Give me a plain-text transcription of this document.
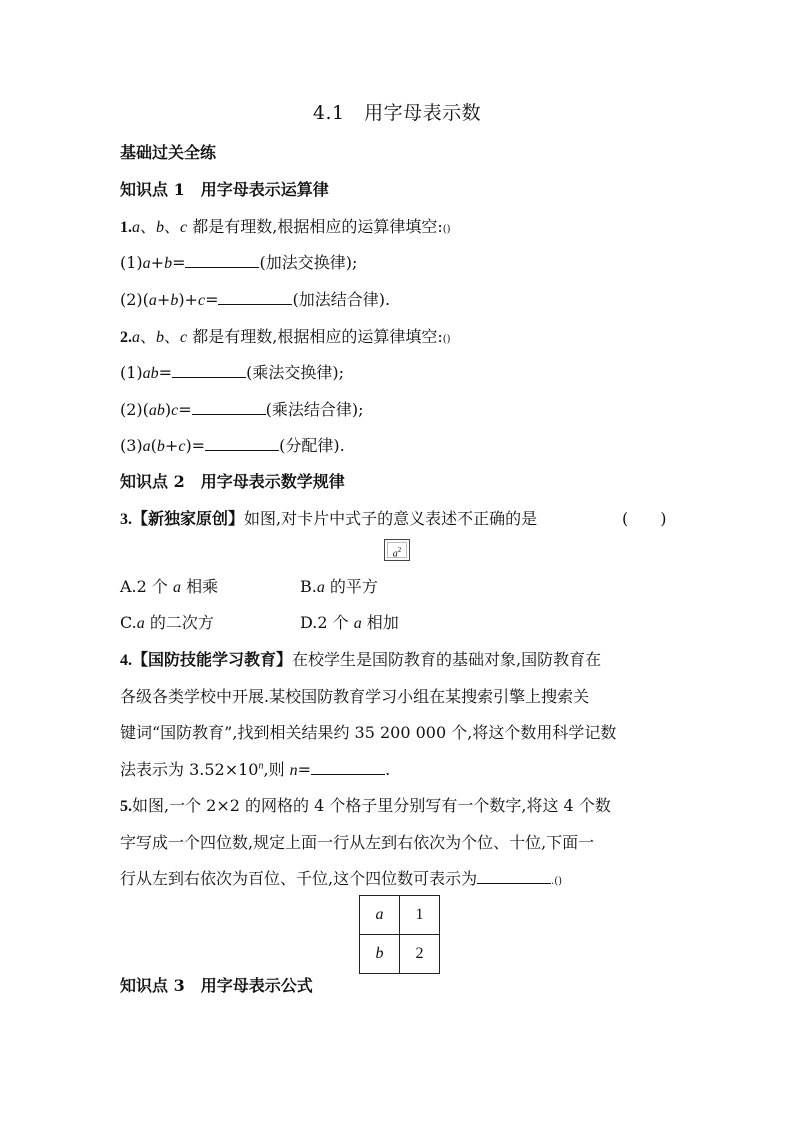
4.1　用字母表示数
基础过关全练
知识点 1　用字母表示运算律
1.a、b、c 都是有理数,根据相应的运算律填空:()
(1)a+b=	(加法交换律);
(2)(a+b)+c=	(加法结合律).
2.a、b、c 都是有理数,根据相应的运算律填空:()
(1)ab=	(乘法交换律);
(2)(ab)c=	(乘法结合律);
(3)a(b+c)=	(分配律).
知识点 2　用字母表示数学规律
3.【新独家原创】如图,对卡片中式子的意义表述不正确的是	(　　)
$a^2$
A.2 个 a 相乘	B.a 的平方
C.a 的二次方	D.2 个 a 相加
4.【国防技能学习教育】在校学生是国防教育的基础对象,国防教育在
各级各类学校中开展.某校国防教育学习小组在某搜索引擎上搜索关
键词“国防教育”,找到相关结果约 35 200 000 个,将这个数用科学记数
法表示为 $3.52\times 10^n$,则 n=	.
5.如图,一个 2×2 的网格的 4 个格子里分别写有一个数字,将这 4 个数
字写成一个四位数,规定上面一行从左到右依次为个位、十位,下面一
行从左到右依次为百位、千位,这个四位数可表示为	.()
a	1
b	2
知识点 3　用字母表示公式
